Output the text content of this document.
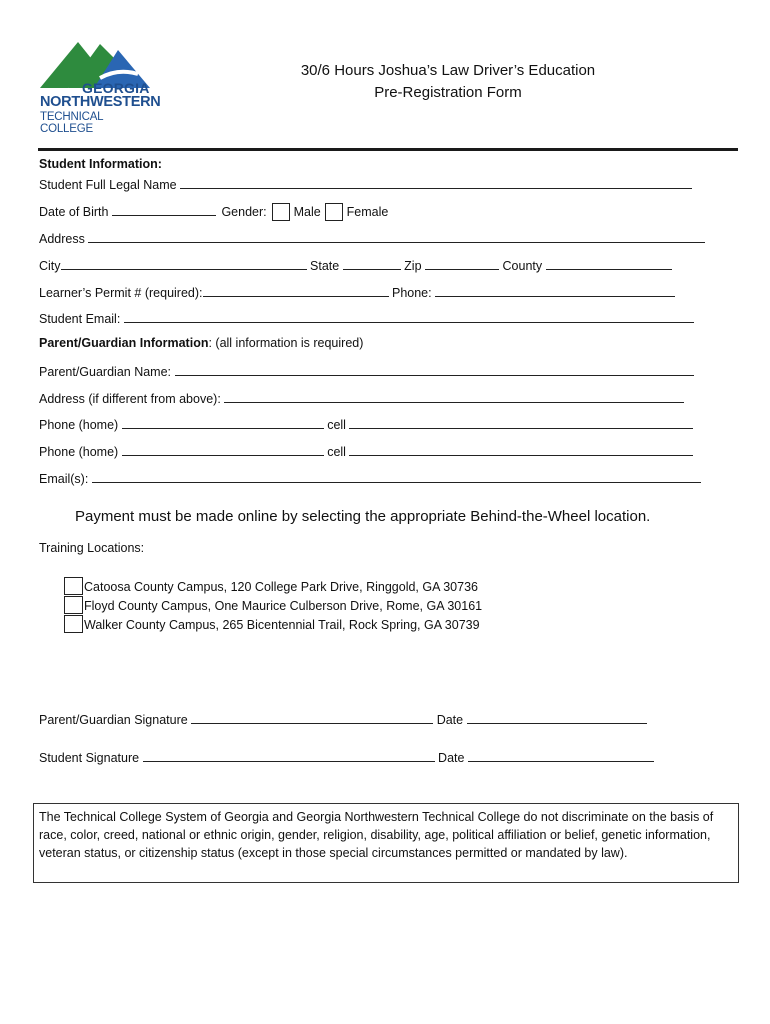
GEORGIA
NORTHWESTERN
TECHNICAL COLLEGE
30/6 Hours Joshua’s Law Driver’s Education
Pre-Registration Form
Student Information:
Student Full Legal Name
Date of Birth	Gender: Male Female
Address
City	State	Zip	County
Learner’s Permit # (required):	Phone:
Student Email:
Parent/Guardian Information: (all information is required)
Parent/Guardian Name:
Address (if different from above):
Phone (home)	cell
Phone (home)	cell
Email(s):
Payment must be made online by selecting the appropriate Behind-the-Wheel location.
Training Locations:
Catoosa County Campus, 120 College Park Drive, Ringgold, GA 30736
Floyd County Campus, One Maurice Culberson Drive, Rome, GA 30161
Walker County Campus, 265 Bicentennial Trail, Rock Spring, GA 30739
Parent/Guardian Signature	Date
Student Signature	Date
The Technical College System of Georgia and Georgia Northwestern Technical College do not discriminate on the basis of race, color, creed, national or ethnic origin, gender, religion, disability, age, political affiliation or belief, genetic information, veteran status, or citizenship status (except in those special circumstances permitted or mandated by law).
